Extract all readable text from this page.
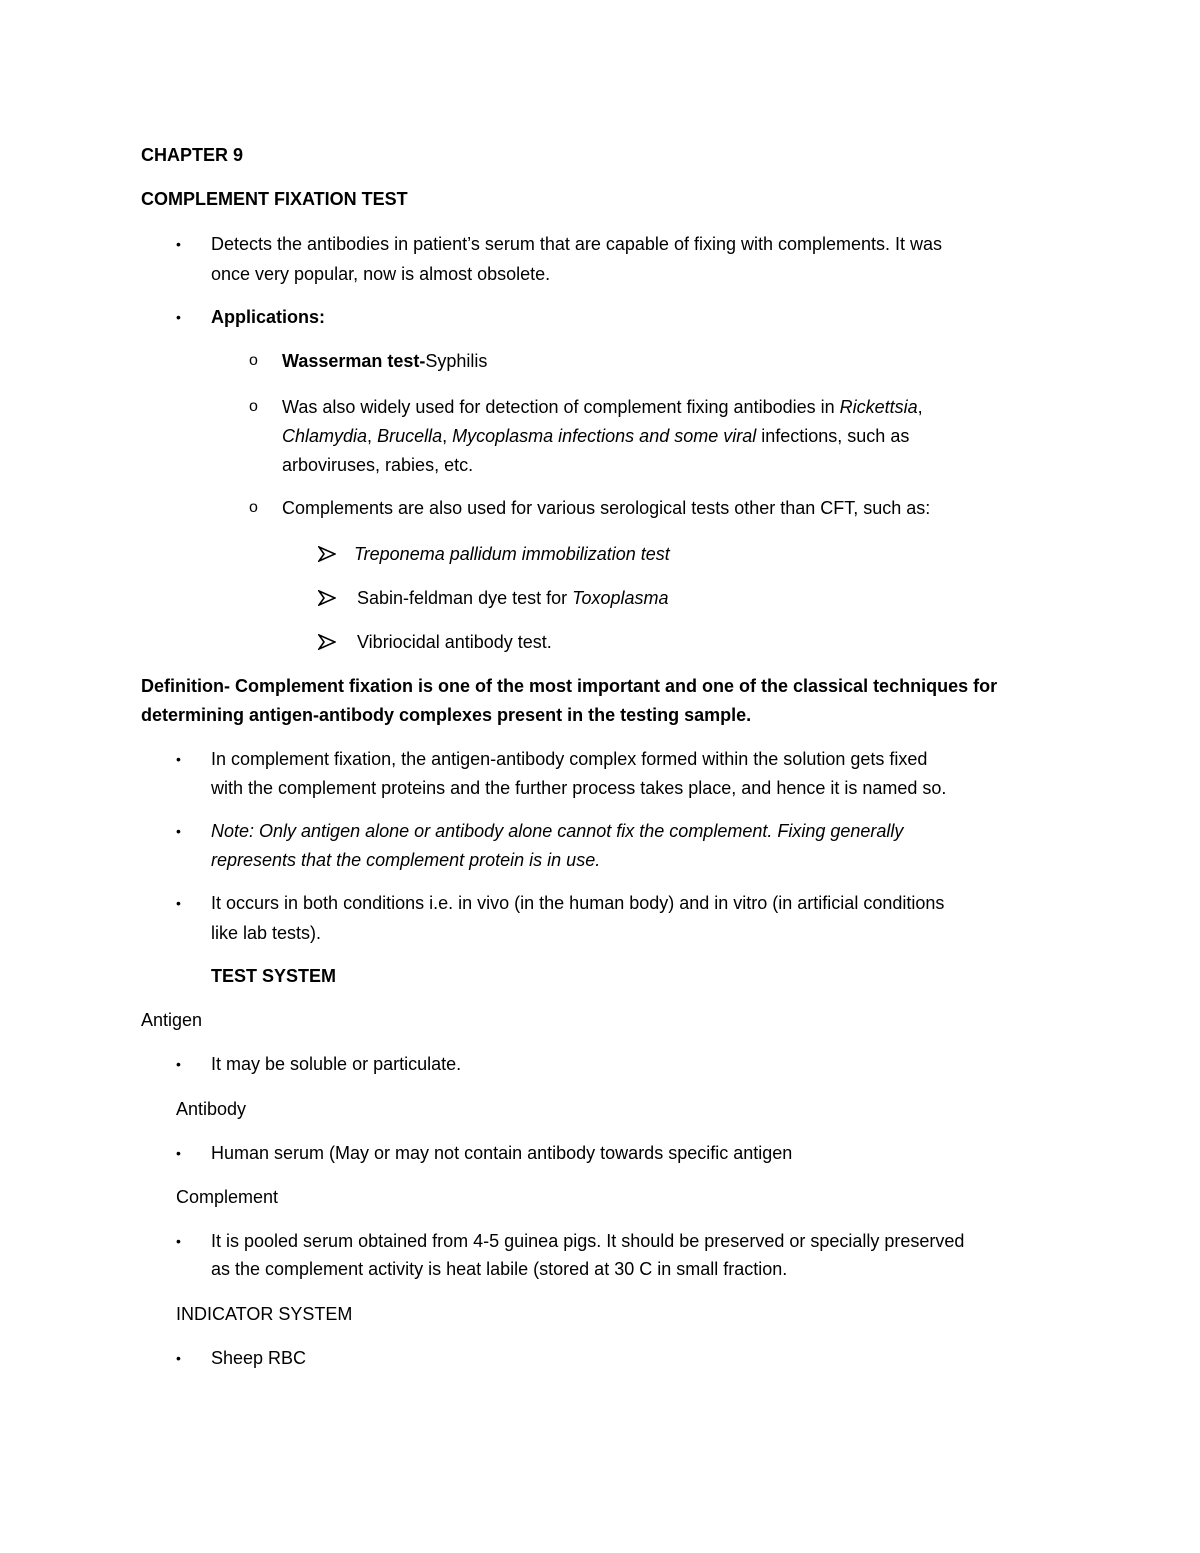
CHAPTER 9
COMPLEMENT FIXATION TEST
• Detects the antibodies in patient’s serum that are capable of fixing with complements. It was
once very popular, now is almost obsolete.
• Applications:
o Wasserman test-Syphilis
o Was also widely used for detection of complement fixing antibodies in Rickettsia,
Chlamydia, Brucella, Mycoplasma infections and some viral infections, such as
arboviruses, rabies, etc.
o Complements are also used for various serological tests other than CFT, such as:
Treponema pallidum immobilization test
Sabin-feldman dye test for Toxoplasma
Vibriocidal antibody test.
Definition- Complement fixation is one of the most important and one of the classical techniques for
determining antigen-antibody complexes present in the testing sample.
• In complement fixation, the antigen-antibody complex formed within the solution gets fixed
with the complement proteins and the further process takes place, and hence it is named so.
• Note: Only antigen alone or antibody alone cannot fix the complement. Fixing generally
represents that the complement protein is in use.
• It occurs in both conditions i.e. in vivo (in the human body) and in vitro (in artificial conditions
like lab tests).
TEST SYSTEM
Antigen
• It may be soluble or particulate.
Antibody
• Human serum (May or may not contain antibody towards specific antigen
Complement
• It is pooled serum obtained from 4-5 guinea pigs. It should be preserved or specially preserved
as the complement activity is heat labile (stored at 30 C in small fraction.
INDICATOR SYSTEM
• Sheep RBC
